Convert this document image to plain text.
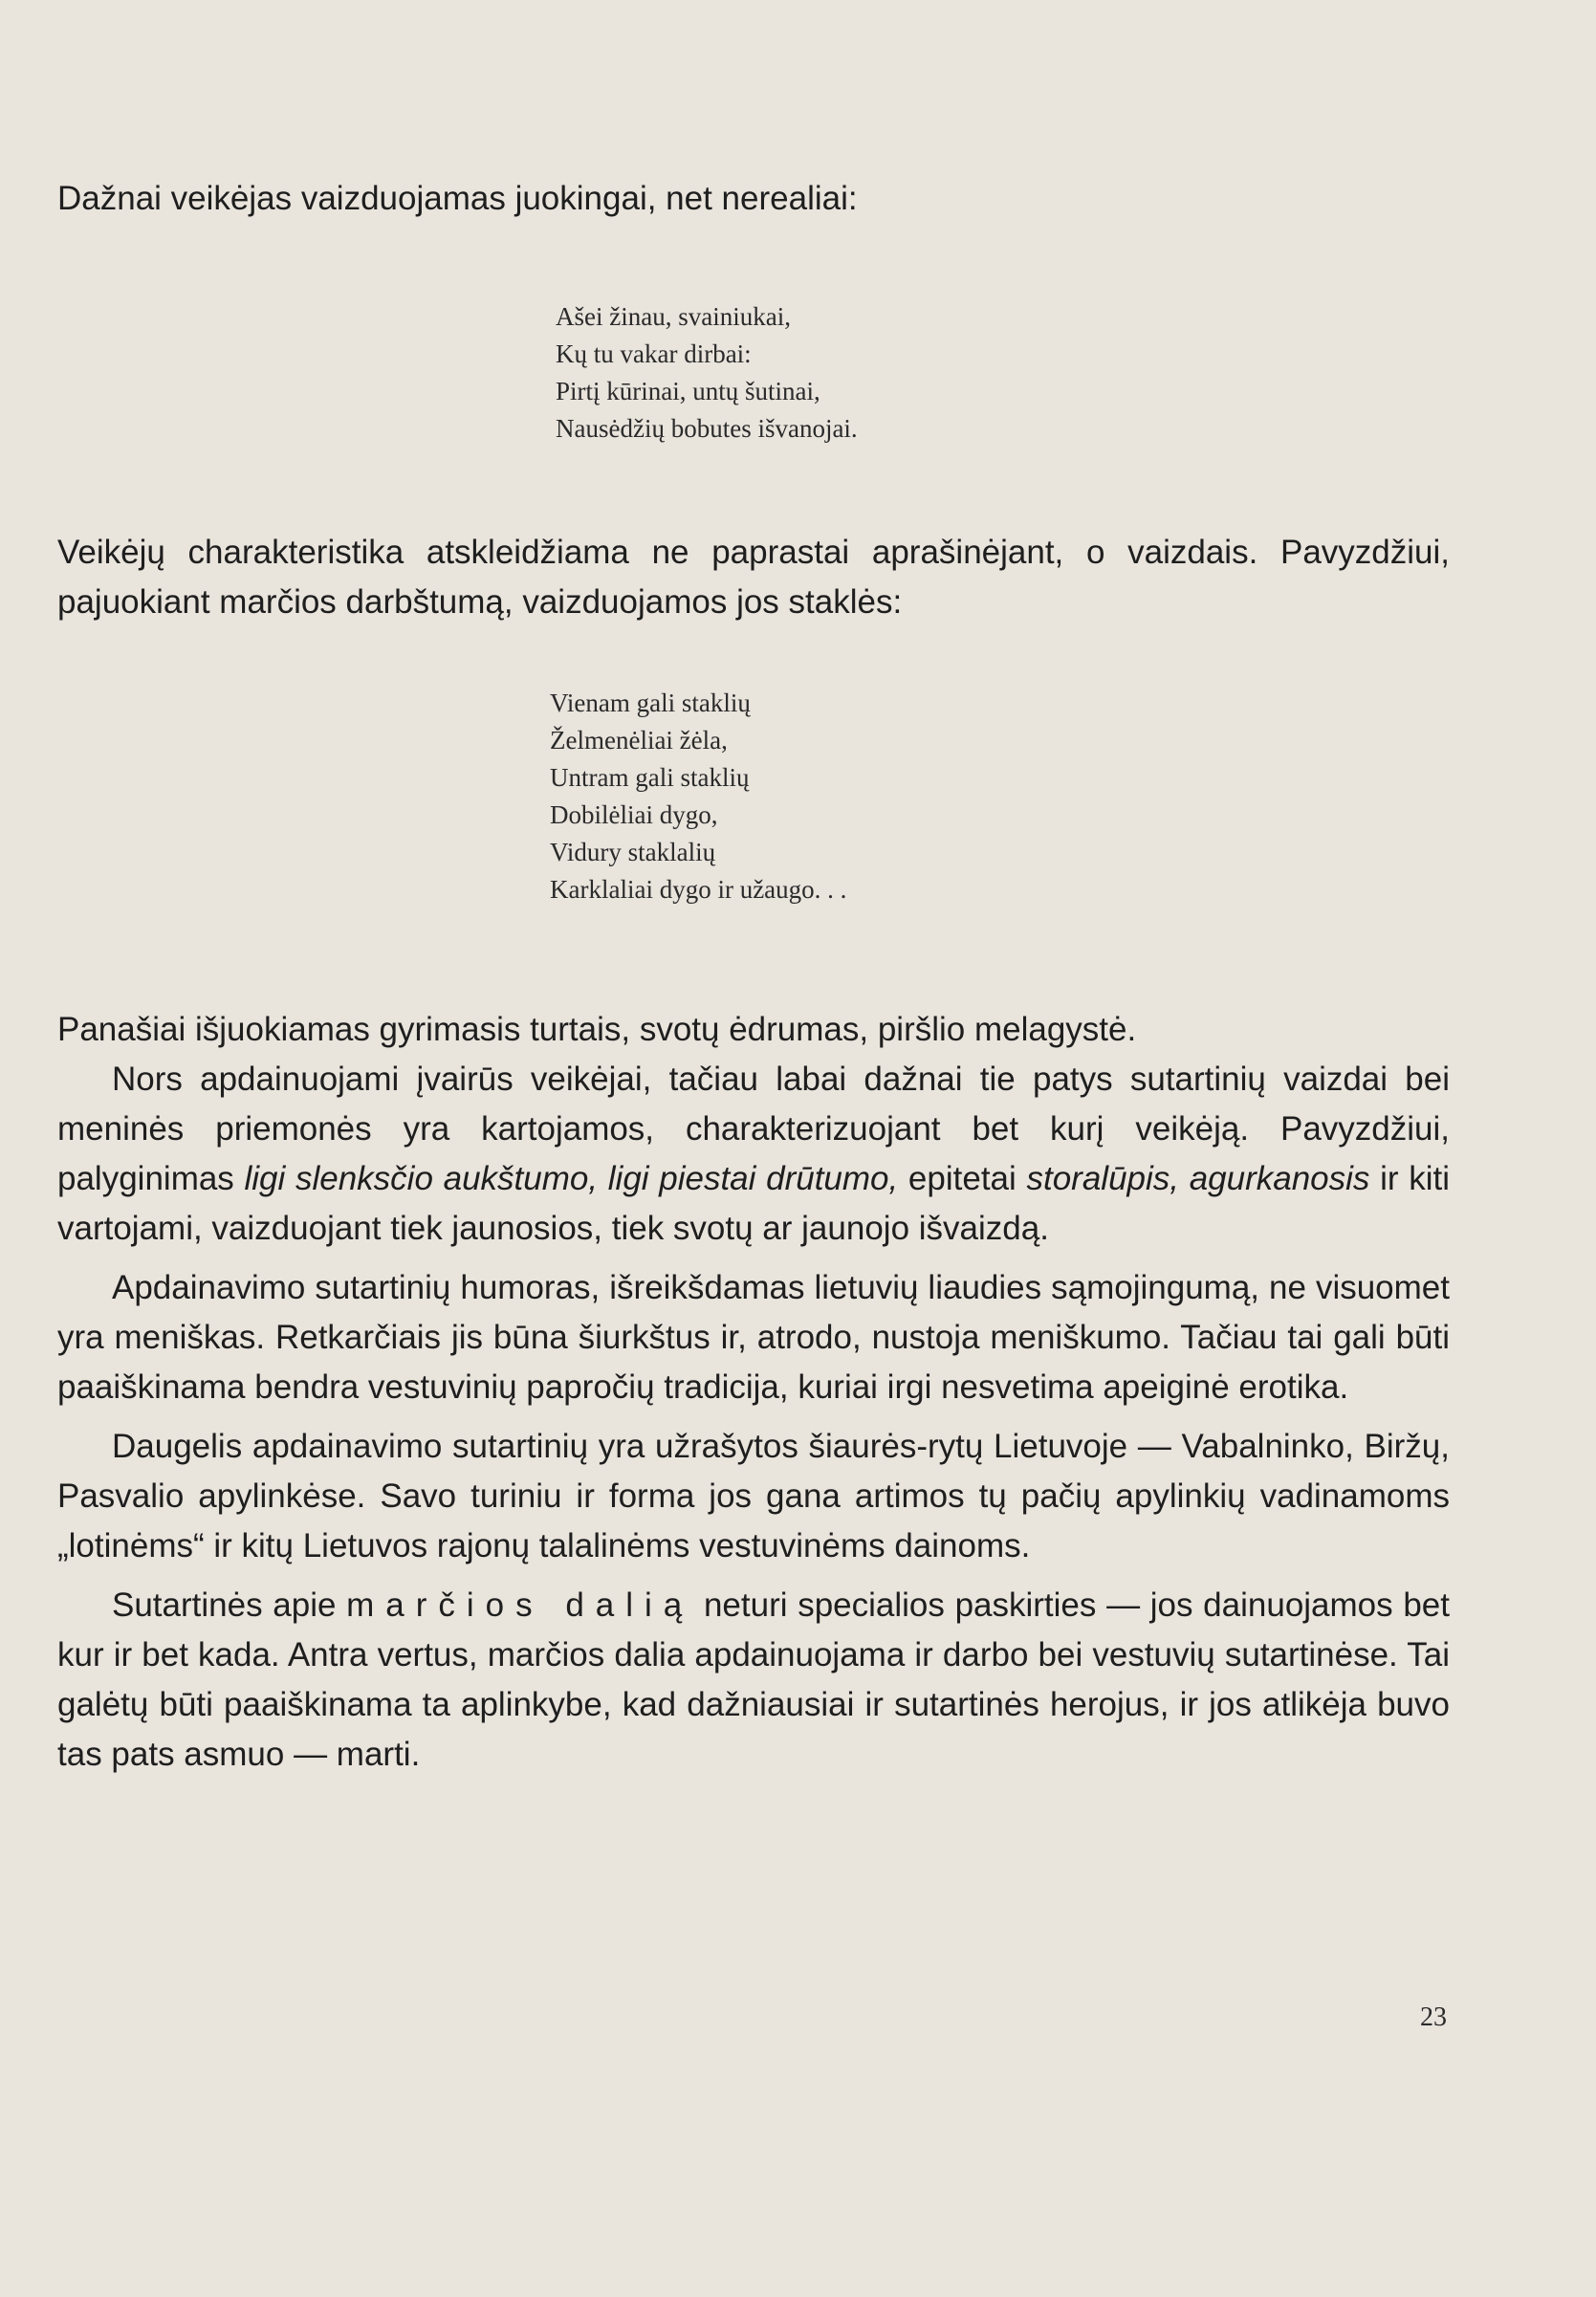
Dažnai veikėjas vaizduojamas juokingai, net nerealiai:

Ašei žinau, svainiukai,
Kų tu vakar dirbai:
Pirtį kūrinai, untų šutinai,
Nausėdžių bobutes išvanojai.

Veikėjų charakteristika atskleidžiama ne paprastai aprašinėjant, o vaizdais. Pavyzdžiui, pajuokiant marčios darbštumą, vaizduojamos jos staklės:

Vienam gali staklių
Želmenėliai žėla,
Untram gali staklių
Dobilėliai dygo,
Vidury staklalių
Karklaliai dygo ir užaugo. . .

Panašiai išjuokiamas gyrimasis turtais, svotų ėdrumas, piršlio melagystė.

Nors apdainuojami įvairūs veikėjai, tačiau labai dažnai tie patys sutartinių vaizdai bei meninės priemonės yra kartojamos, charakterizuojant bet kurį veikėją. Pavyzdžiui, palyginimas ligi slenksčio aukštumo, ligi piestai drūtumo, epitetai storalūpis, agurkanosis ir kiti vartojami, vaizduojant tiek jaunosios, tiek svotų ar jaunojo išvaizdą.

Apdainavimo sutartinių humoras, išreikšdamas lietuvių liaudies sąmojingumą, ne visuomet yra meniškas. Retkarčiais jis būna šiurkštus ir, atrodo, nustoja meniškumo. Tačiau tai gali būti paaiškinama bendra vestuvinių papročių tradicija, kuriai irgi nesvetima apeiginė erotika.

Daugelis apdainavimo sutartinių yra užrašytos šiaurės-rytų Lietuvoje — Vabalninko, Biržų, Pasvalio apylinkėse. Savo turiniu ir forma jos gana artimos tų pačių apylinkių vadinamoms „lotinėms“ ir kitų Lietuvos rajonų talalinėms vestuvinėms dainoms.

Sutartinės apie marčios dalią neturi specialios paskirties — jos dainuojamos bet kur ir bet kada. Antra vertus, marčios dalia apdainuojama ir darbo bei vestuvių sutartinėse. Tai galėtų būti paaiškinama ta aplinkybe, kad dažniausiai ir sutartinės herojus, ir jos atlikėja buvo tas pats asmuo — marti.

23
